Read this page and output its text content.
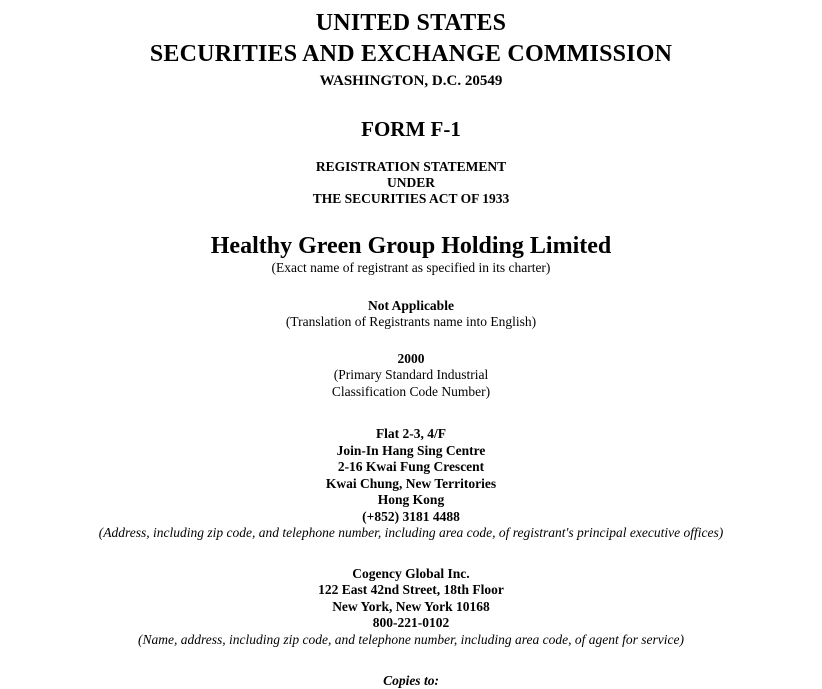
UNITED STATES
SECURITIES AND EXCHANGE COMMISSION
WASHINGTON, D.C. 20549
FORM F-1
REGISTRATION STATEMENT
UNDER
THE SECURITIES ACT OF 1933
Healthy Green Group Holding Limited
(Exact name of registrant as specified in its charter)
Not Applicable
(Translation of Registrants name into English)
2000
(Primary Standard Industrial
Classification Code Number)
Flat 2-3, 4/F
Join-In Hang Sing Centre
2-16 Kwai Fung Crescent
Kwai Chung, New Territories
Hong Kong
(+852) 3181 4488
(Address, including zip code, and telephone number, including area code, of registrant's principal executive offices)
Cogency Global Inc.
122 East 42nd Street, 18th Floor
New York, New York 10168
800-221-0102
(Name, address, including zip code, and telephone number, including area code, of agent for service)
Copies to:
